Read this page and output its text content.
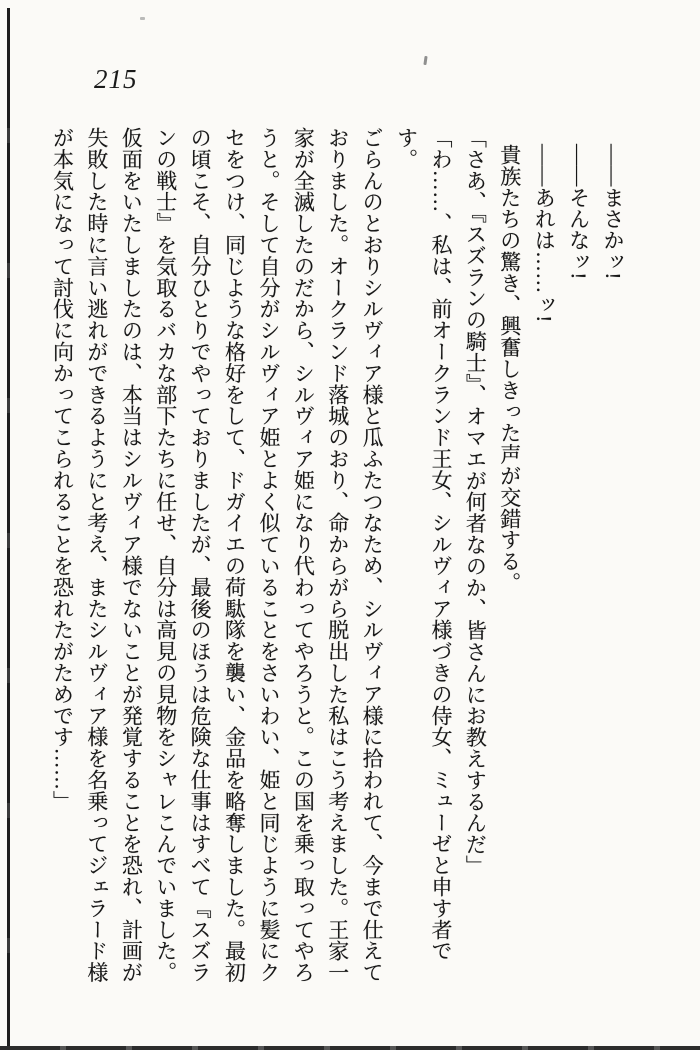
215
――まさかッ!
――そんなッ!
――あれは……ッ!
貴族たちの驚き、興奮しきった声が交錯する。
「さあ、『スズランの騎士』、オマエが何者なのか、皆さんにお教えするんだ」
「わ……、私は、前オークランド王女、シルヴィア様づきの侍女、ミューゼと申す者です。
ごらんのとおりシルヴィア様と瓜ふたつなため、シルヴィア様に拾われて、今まで仕えて
おりました。オークランド落城のおり、命からがら脱出した私はこう考えました。王家一
家が全滅したのだから、シルヴィア姫になり代わってやろうと。この国を乗っ取ってやろ
うと。そして自分がシルヴィア姫とよく似ていることをさいわい、姫と同じように髪にク
セをつけ、同じような格好をして、ドガイエの荷駄隊を襲い、金品を略奪しました。最初
の頃こそ、自分ひとりでやっておりましたが、最後のほうは危険な仕事はすべて『スズラ
ンの戦士』を気取るバカな部下たちに任せ、自分は高見の見物をシャレこんでいました。
仮面をいたしましたのは、本当はシルヴィア様でないことが発覚することを恐れ、計画が
失敗した時に言い逃れができるようにと考え、またシルヴィア様を名乗ってジェラード様
が本気になって討伐に向かってこられることを恐れたがためです……」
